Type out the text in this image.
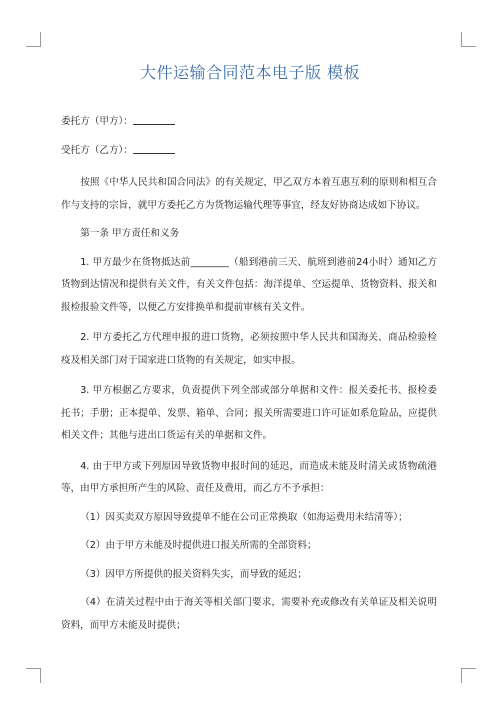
大件运输合同范本电子版 模板

委托方（甲方）：

受托方（乙方）：

按照《中华人民共和国合同法》的有关规定，甲乙双方本着互惠互利的原则和相互合作与支持的宗旨，就甲方委托乙方为货物运输代理等事宜，经友好协商达成如下协议。

第一条 甲方责任和义务

1. 甲方最少在货物抵达前________（船到港前三天、航班到港前24小时）通知乙方货物到达情况和提供有关文件，有关文件包括：海洋提单、空运提单、货物资料、报关和报检报验文件等，以便乙方安排换单和提前审核有关文件。

2. 甲方委托乙方代理申报的进口货物，必须按照中华人民共和国海关、商品检验检疫及相关部门对于国家进口货物的有关规定，如实申报。

3. 甲方根据乙方要求，负责提供下列全部或部分单据和文件：报关委托书、报检委托书；手册；正本提单、发票、箱单、合同；报关所需要进口许可证如系危险品，应提供相关文件；其他与进出口货运有关的单据和文件。

4. 由于甲方或下列原因导致货物申报时间的延迟，而造成未能及时清关或货物疏港等，由甲方承担所产生的风险、责任及费用，而乙方不予承担：

（1）因买卖双方原因导致提单不能在公司正常换取（如海运费用未结清等）；

（2）由于甲方未能及时提供进口报关所需的全部资料；

（3）因甲方所提供的报关资料失实，而导致的延迟；

（4）在清关过程中由于海关等相关部门要求，需要补充或修改有关单证及相关说明资料，而甲方未能及时提供；
